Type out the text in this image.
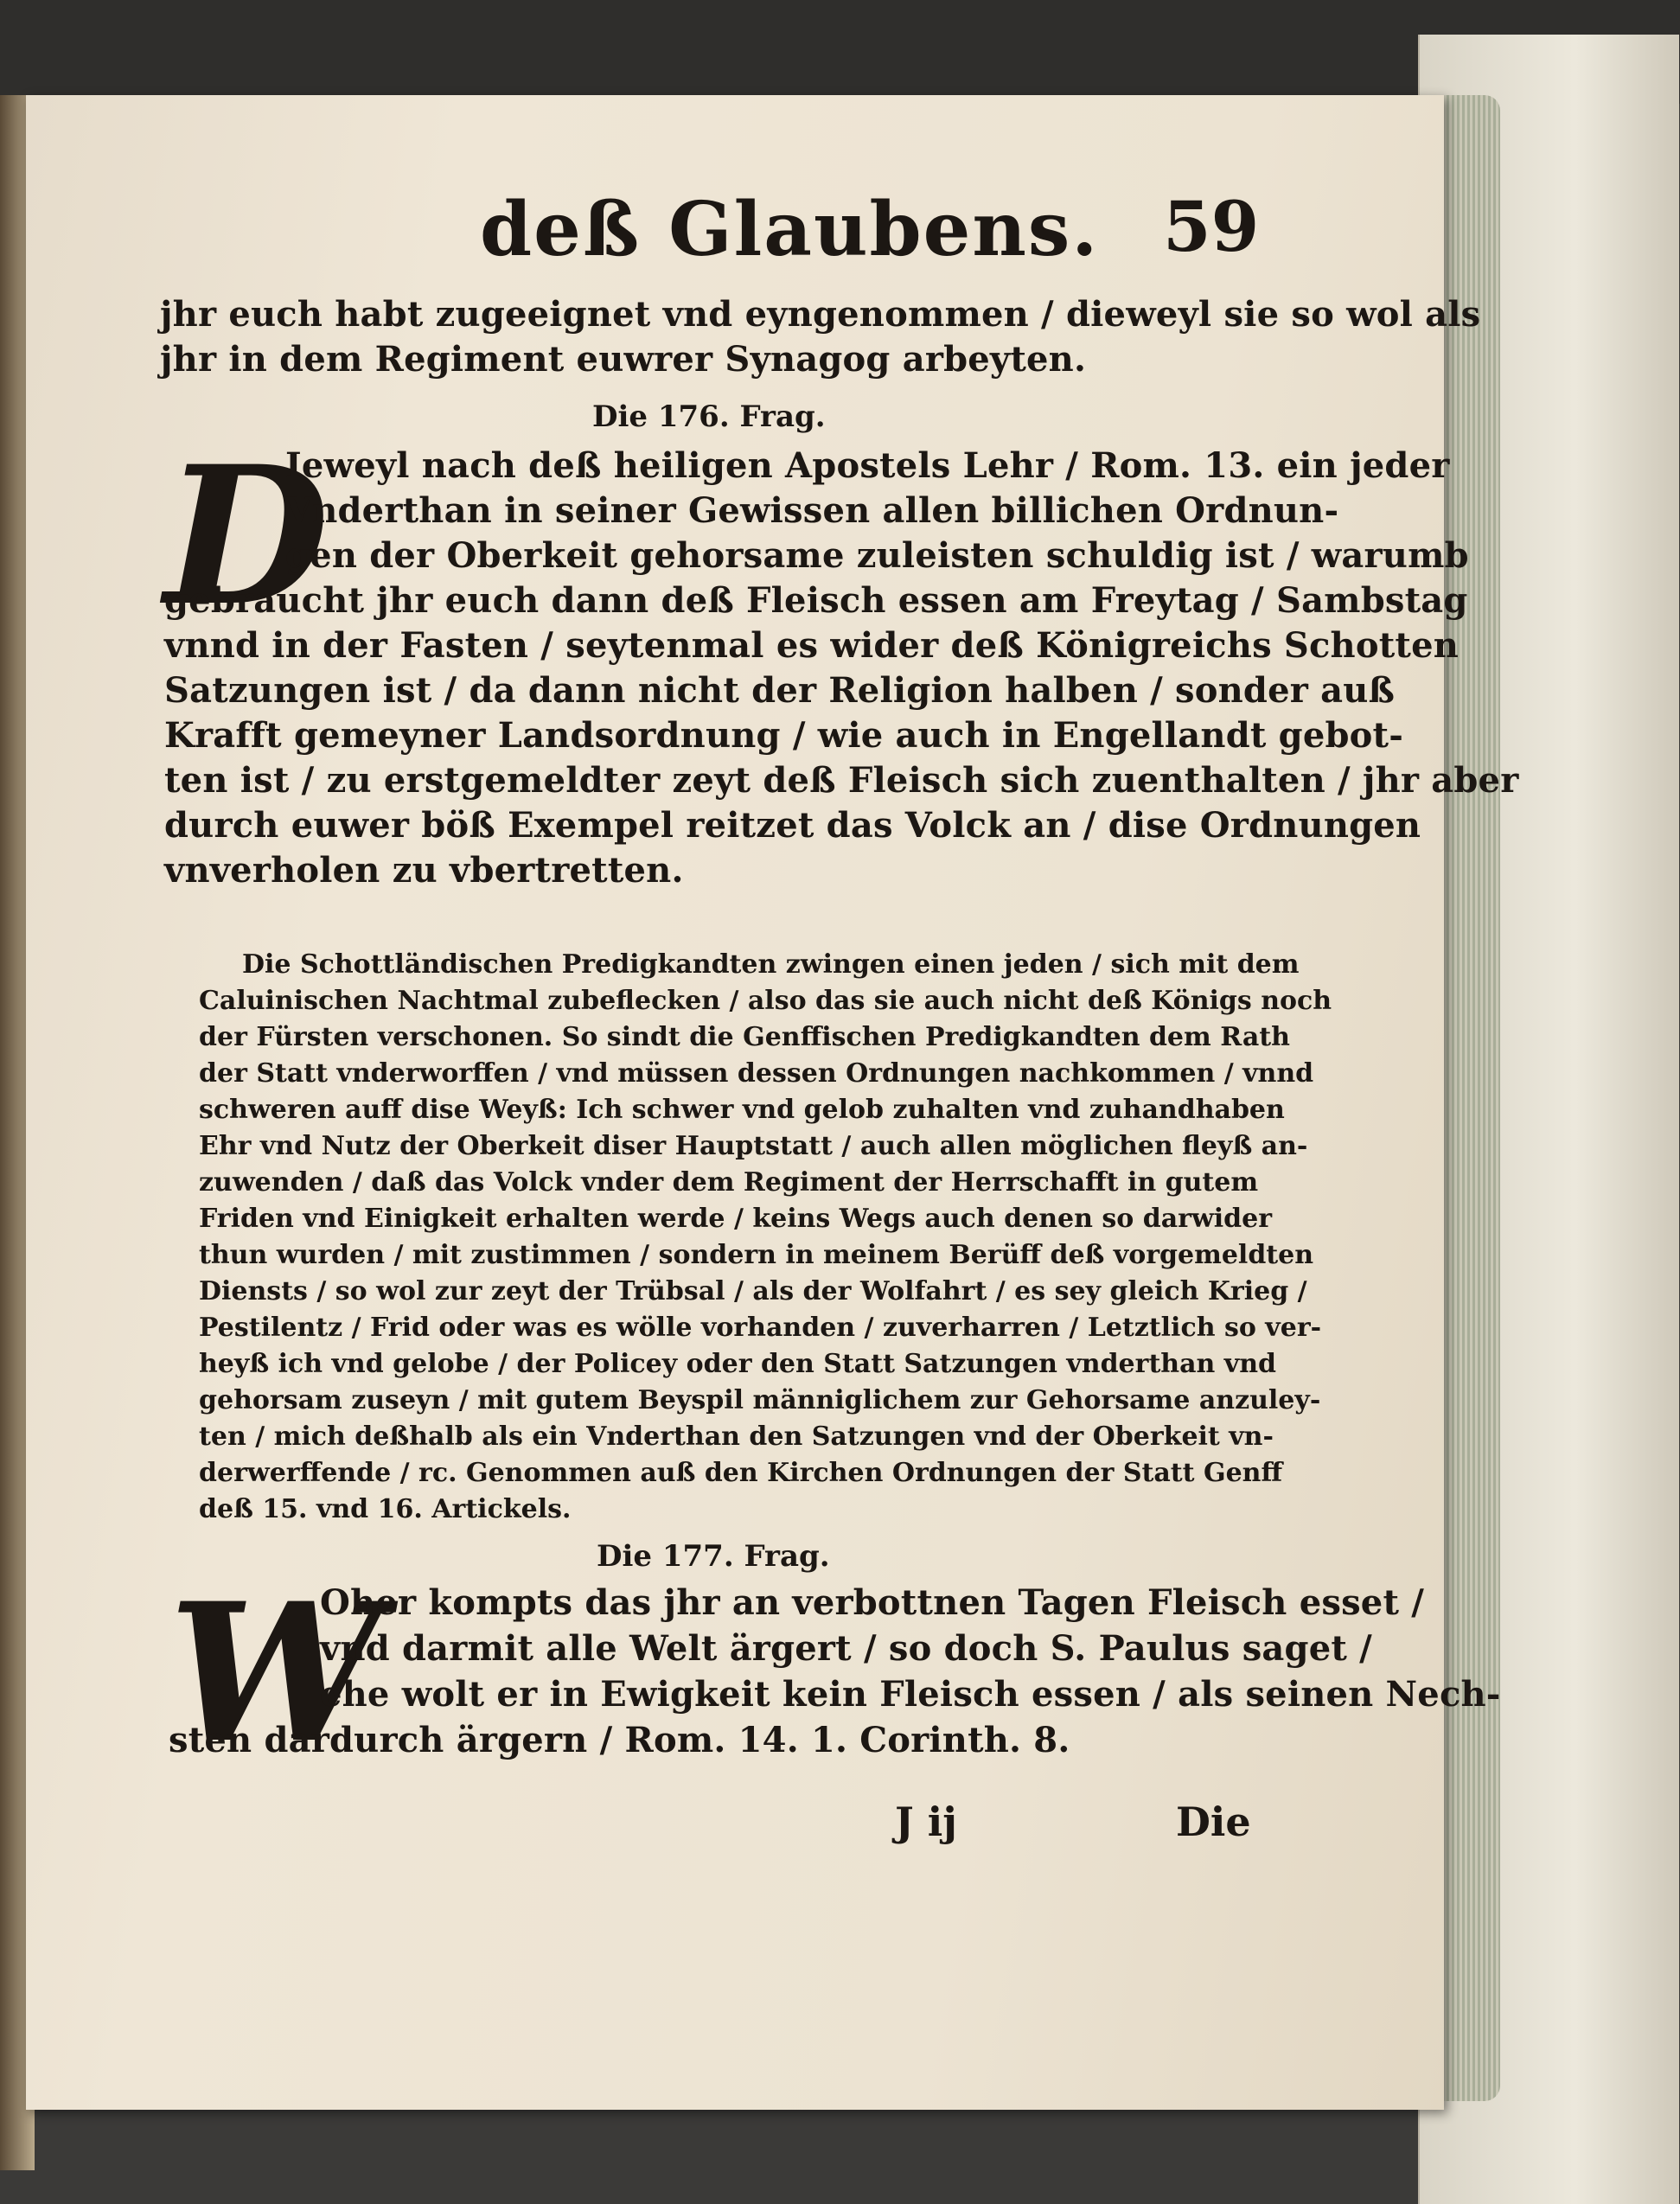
deß Glaubens. 59
jhr euch habt zugeeignet vnd eyngenommen / dieweyl sie so wol als
jhr in dem Regiment euwrer Synagog arbeyten.
Die 176. Frag.
D
Ieweyl nach deß heiligen Apostels Lehr / Rom. 13. ein jeder
Vnderthan in seiner Gewissen allen billichen Ordnun-
gen der Oberkeit gehorsame zuleisten schuldig ist / warumb
gebraucht jhr euch dann deß Fleisch essen am Freytag / Sambstag
vnnd in der Fasten / seytenmal es wider deß Königreichs Schotten
Satzungen ist / da dann nicht der Religion halben / sonder auß
Krafft gemeyner Landsordnung / wie auch in Engellandt gebot-
ten ist / zu erstgemeldter zeyt deß Fleisch sich zuenthalten / jhr aber
durch euwer böß Exempel reitzet das Volck an / dise Ordnungen
vnverholen zu vbertretten.
Die Schottländischen Predigkandten zwingen einen jeden / sich mit dem
Caluinischen Nachtmal zubeflecken / also das sie auch nicht deß Königs noch
der Fürsten verschonen. So sindt die Genffischen Predigkandten dem Rath
der Statt vnderworffen / vnd müssen dessen Ordnungen nachkommen / vnnd
schweren auff dise Weyß: Ich schwer vnd gelob zuhalten vnd zuhandhaben
Ehr vnd Nutz der Oberkeit diser Hauptstatt / auch allen möglichen fleyß an-
zuwenden / daß das Volck vnder dem Regiment der Herrschafft in gutem
Friden vnd Einigkeit erhalten werde / keins Wegs auch denen so darwider
thun wurden / mit zustimmen / sondern in meinem Berüff deß vorgemeldten
Diensts / so wol zur zeyt der Trübsal / als der Wolfahrt / es sey gleich Krieg /
Pestilentz / Frid oder was es wölle vorhanden / zuverharren / Letztlich so ver-
heyß ich vnd gelobe / der Policey oder den Statt Satzungen vnderthan vnd
gehorsam zuseyn / mit gutem Beyspil männiglichem zur Gehorsame anzuley-
ten / mich deßhalb als ein Vnderthan den Satzungen vnd der Oberkeit vn-
derwerffende / rc. Genommen auß den Kirchen Ordnungen der Statt Genff
deß 15. vnd 16. Artickels.
Die 177. Frag.
W
Oher kompts das jhr an verbottnen Tagen Fleisch esset /
vnd darmit alle Welt ärgert / so doch S. Paulus saget /
ehe wolt er in Ewigkeit kein Fleisch essen / als seinen Nech-
sten dardurch ärgern / Rom. 14. 1. Corinth. 8.
J ij	Die
